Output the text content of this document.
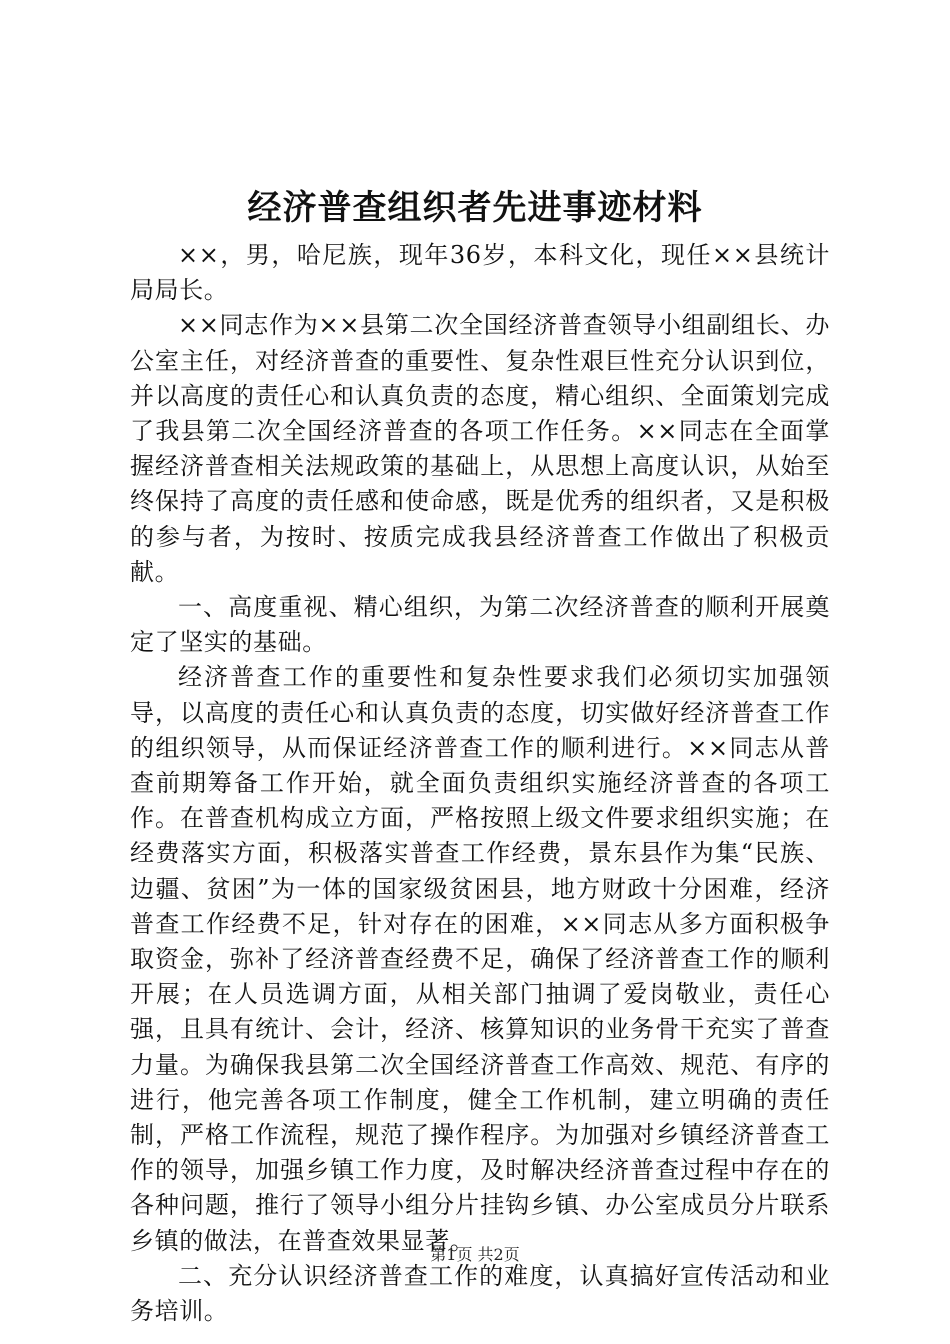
经济普查组织者先进事迹材料

××，男，哈尼族，现年36岁，本科文化，现任××县统计局局长。

××同志作为××县第二次全国经济普查领导小组副组长、办公室主任，对经济普查的重要性、复杂性艰巨性充分认识到位，并以高度的责任心和认真负责的态度，精心组织、全面策划完成了我县第二次全国经济普查的各项工作任务。××同志在全面掌握经济普查相关法规政策的基础上，从思想上高度认识，从始至终保持了高度的责任感和使命感，既是优秀的组织者，又是积极的参与者，为按时、按质完成我县经济普查工作做出了积极贡献。

一、高度重视、精心组织，为第二次经济普查的顺利开展奠定了坚实的基础。

经济普查工作的重要性和复杂性要求我们必须切实加强领导，以高度的责任心和认真负责的态度，切实做好经济普查工作的组织领导，从而保证经济普查工作的顺利进行。××同志从普查前期筹备工作开始，就全面负责组织实施经济普查的各项工作。在普查机构成立方面，严格按照上级文件要求组织实施；在经费落实方面，积极落实普查工作经费，景东县作为集“民族、边疆、贫困”为一体的国家级贫困县，地方财政十分困难，经济普查工作经费不足，针对存在的困难，××同志从多方面积极争取资金，弥补了经济普查经费不足，确保了经济普查工作的顺利开展；在人员选调方面，从相关部门抽调了爱岗敬业，责任心强，且具有统计、会计，经济、核算知识的业务骨干充实了普查力量。为确保我县第二次全国经济普查工作高效、规范、有序的进行，他完善各项工作制度，健全工作机制，建立明确的责任制，严格工作流程，规范了操作程序。为加强对乡镇经济普查工作的领导，加强乡镇工作力度，及时解决经济普查过程中存在的各种问题，推行了领导小组分片挂钩乡镇、办公室成员分片联系乡镇的做法，在普查效果显著。

二、充分认识经济普查工作的难度，认真搞好宣传活动和业务培训。

第1页 共2页
